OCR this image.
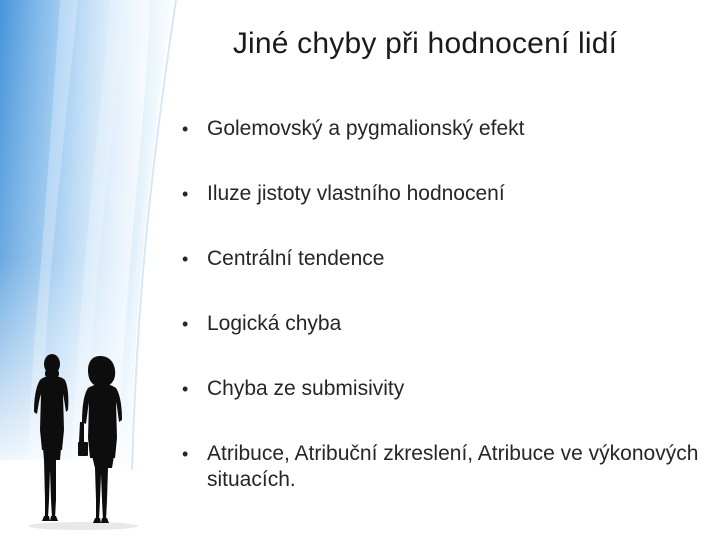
Jiné chyby při hodnocení lidí
• Golemovský a pygmalionský efekt
• Iluze jistoty vlastního hodnocení
• Centrální tendence
• Logická chyba
• Chyba ze submisivity
• Atribuce, Atribuční zkreslení, Atribuce ve výkonových situacích.
